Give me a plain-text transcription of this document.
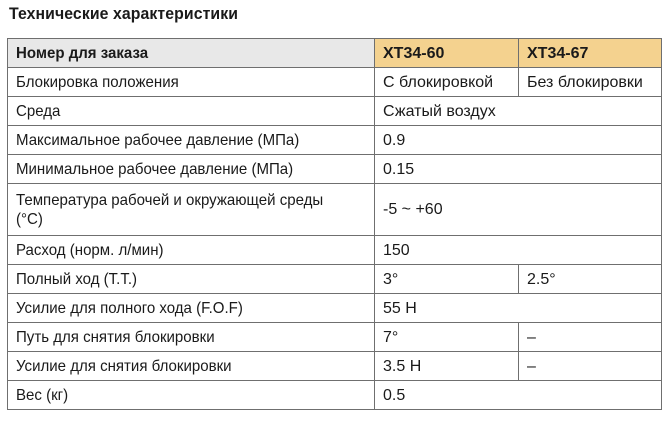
Технические характеристики
Номер для заказа	XT34-60	XT34-67
Блокировка положения	С блокировкой	Без блокировки
Среда	Сжатый воздух	
Максимальное рабочее давление (МПа)	0.9	
Минимальное рабочее давление (МПа)	0.15	
Температура рабочей и окружающей среды (°C)	-5 ~ +60	
Расход (норм. л/мин)	150	
Полный ход (T.T.)	3°	2.5°
Усилие для полного хода (F.O.F)	55 Н	
Путь для снятия блокировки	7°	–
Усилие для снятия блокировки	3.5 Н	–
Вес (кг)	0.5	
